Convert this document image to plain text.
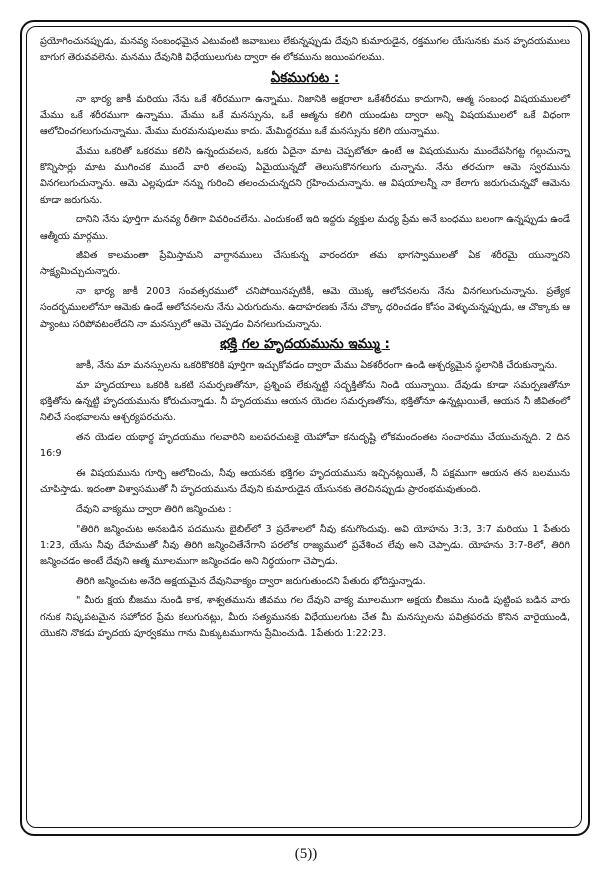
ప్రయోగించునప్పుడు, మనవ్య సంబంధమైన ఎటువంటి జవాబులు లేకున్నప్పుడు దేవుని కుమారుడైన, రక్తముగల యేసునకు మన హృదయములు బాగుగ తెరువవలెను. మనము దేవునికి విధేయులుగుట ద్వారా ఈ లోకమును జయింపగలము.

ఏకముగుట :

నా భార్య జాకీ మరియు నేను ఒకే శరీరముగా ఉన్నాము. నిజానికి అక్షరాలా ఒకేశరీరము కాదుగాని, ఆత్మ సంబంధ విషయములలో మేము ఒకే శరీరముగా ఉన్నాము. మేము ఒకే మనస్సును, ఒకే ఆత్మను కలిగి యుండుట ద్వారా అన్ని విషయములలో ఒకే విధంగా ఆలోచించగలుగుచున్నాము. మేము మరమనుషులము కాదు. మేమిద్దరము ఒకే మనస్సును కలిగి యున్నాము.

మేము ఒకరితో ఒకరము కలిసి ఉన్నందువలన, ఒకరు ఏదైనా మాట చెప్పబోతూ ఉంటే ఆ విషయమును ముందేపసిగట్ట గల్గుచున్నా కొన్నిసార్లు మాట ముగించక ముందే వారి తలంపు ఏమైయున్నదో తెలుసుకొనగలుగు చున్నాను. నేను తరచుగా ఆమె స్వరమును వినగలుగుచున్నాను. ఆమె ఎల్లపుడూ నన్ను గురించి తలంచుచున్నదని గ్రహించుచున్నాను. ఆ విషయాలన్నీ నా కేలాగు జరుగుచున్నవో ఆమెను కూడా జరుగును.

దానిని నేను పూర్తిగా మనవ్య రీతిగా వివరించలేను. ఎందుకంటే ఇది ఇద్దరు వ్యక్తుల మధ్య ప్రేమ అనే బంధము బలంగా ఉన్నప్పుడు ఉండే ఆత్మీయ మార్గము.

జీవిత కాలమంతా ప్రేమిస్తామని వాగ్దానములు చేసుకున్న వారందరూ తమ భాగస్వాములతో ఏక శరీరమై యున్నారని సాక్ష్యమిచ్చుచున్నారు.

నా భార్య జాకీ 2003 సంవత్సరములో చనిపోయినప్పటికీ, ఆమె యొక్క ఆలోచనలను నేను వినగలుగుచున్నాను. ప్రత్యేక సందర్భములలోనూ ఆమెకు ఉండే ఆలోచనలను నేను ఎరుగుదును. ఉదాహరణకు నేను చొక్కా ధరించడం కోసం వెళ్ళుచున్నప్పుడు, ఆ చొక్కాకు ఆ ప్యాంటు సరిపోవటంలేదని నా మనస్సులో ఆమె చెప్పడం వినగలుగుచున్నాను.

భక్తి గల హృదయమును ఇమ్ము :

జాకీ, నేను మా మనస్సులను ఒకరికొకరికి పూర్తిగా ఇచ్చుకోవడం ద్వారా మేము ఏకశరీరంగా ఉండి ఆశ్చర్యమైన స్థలానికి చేరుకున్నాను.

మా హృదయాలు ఒకరికి ఒకటి సమర్పణతోనూ, ప్రశ్నింప లేకున్నట్టి సద్భక్తితోను నిండి యున్నాయి. దేవుడు కూడా సమర్పణతోనూ భక్తితోను ఉన్నట్టి హృదయమును కోరుచున్నాడు. నీ హృదయము ఆయన యెదల సమర్పణతోను, భక్తితోనూ ఉన్నట్లుయితే, ఆయన నీ జీవితంలో నిలిచే సంభవాలను ఆశ్చర్యపరచును.

తన యెడల యథార్థ హృదయము గలవారిని బలపరచుటకై యెహోవా కనుదృష్టి లోకమందంతట సంచారము చేయుచున్నది. 2 దిన 16:9

ఈ విషయమును గూర్చి ఆలోచించు, నీవు ఆయనకు భక్తిగల హృదయమును ఇచ్చినట్లయితే, నీ పక్షముగా ఆయన తన బలమును చూపిస్తాడు. ఇదంతా విశ్వాసముతో నీ హృదయమును దేవుని కుమారుడైన యేసునకు తెరచినప్పుడు ప్రారంభమవుతుంది.

దేవుని వాక్యము ద్వారా తిరిగి జన్మించుట :

"తిరిగి జన్మించుట అనబడిన పదమును బైబిల్‌లో 3 ప్రదేశాలలో నీవు కనుగొందువు. అవి యోహను 3:3, 3:7 మరియు 1 పేతురు 1:23, యేసు నీవు దేహముతో నీవు తిరిగి జన్మించితేనేగాని పరలోక రాజ్యములో ప్రవేశించ లేవు అని చెప్పాడు. యోహను 3:7-8లో, తిరిగి జన్మించడం అంటే దేవుని ఆత్మ మూలముగా జన్మించడం అని నిర్ధయంగా చెప్పాడు.

తిరిగి జన్మించుట అనేది అక్షయమైన దేవునివాక్యం ద్వారా జరుగుతుందని పేతురు భోదిస్తున్నాడు.

" మీరు క్షయ బీజము నుండి కాక, శాశ్వతమును జీవము గల దేవుని వాక్య మూలముగా అక్షయ బీజము నుండి పుట్టింప బడిన వారు గనుక నిష్కపటమైన సహోదర ప్రేమ కలుగునట్లు, మీరు సత్యమునకు విధేయులగుట చేత మీ మనస్సులను పవిత్రపరచు కొనిన వారైయుండి, యొకని నొకడు హృదయ పూర్వకము గాను మిక్కుటముగాను ప్రేమించుడి. 1పేతురు 1:22:23.

(5))
